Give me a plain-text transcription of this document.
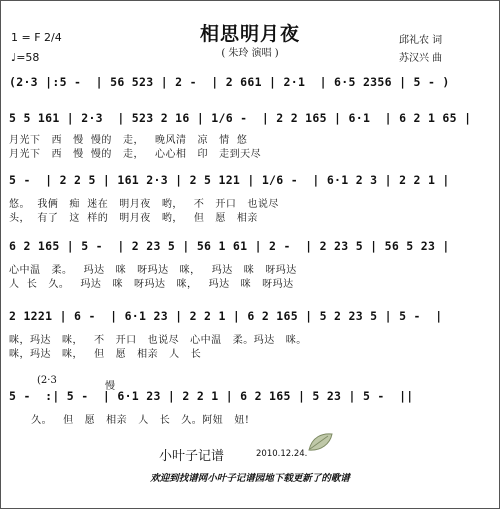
相思明月夜
( 朱玲 演唱 )
1 = F 2/4
♩=58
邱礼农 词
苏汉兴 曲
(2·3 |:5 -  | 56 523 | 2 -  | 2 661 | 2·1  | 6·5 2356 | 5 - )
5 5 161 | 2·3  | 523 2 16 | 1/6 -  | 2 2 165 | 6·1  | 6 2 1 65 |
月光下   西   慢  慢的   走，   晚风清   凉   情  悠
月光下   西   慢  慢的   走，   心心相   印   走到天尽
5 -  | 2 2 5 | 161 2·3 | 2 5 121 | 1/6 -  | 6·1 2 3 | 2 2 1 |
悠。  我俩   痴  迷在   明月夜   哟，   不   开口   也说尽
头，  有了   这  样的   明月夜   哟，   但   愿   相亲
6 2 165 | 5 -  | 2 23 5 | 56 1 61 | 2 -  | 2 23 5 | 56 5 23 |
心中温   柔。   玛达   咪   呀玛达   咪，   玛达   咪   呀玛达
人  长   久。   玛达   咪   呀玛达   咪，   玛达   咪   呀玛达
2 1221 | 6 -  | 6·1 23 | 2 2 1 | 6 2 165 | 5 2 23 5 | 5 -  |
咪，玛达   咪，   不   开口   也说尽   心中温   柔。玛达   咪。
咪，玛达   咪，   但   愿   相亲   人   长
(2·3
慢
5 -  :| 5 -  | 6·1 23 | 2 2 1 | 6 2 165 | 5 23 | 5 -  ||
久。   但   愿   相亲   人   长   久。阿妞   妞!
小叶子记谱	2010.12.24.
欢迎到找谱网小叶子记谱园地下载更新了的歌谱
